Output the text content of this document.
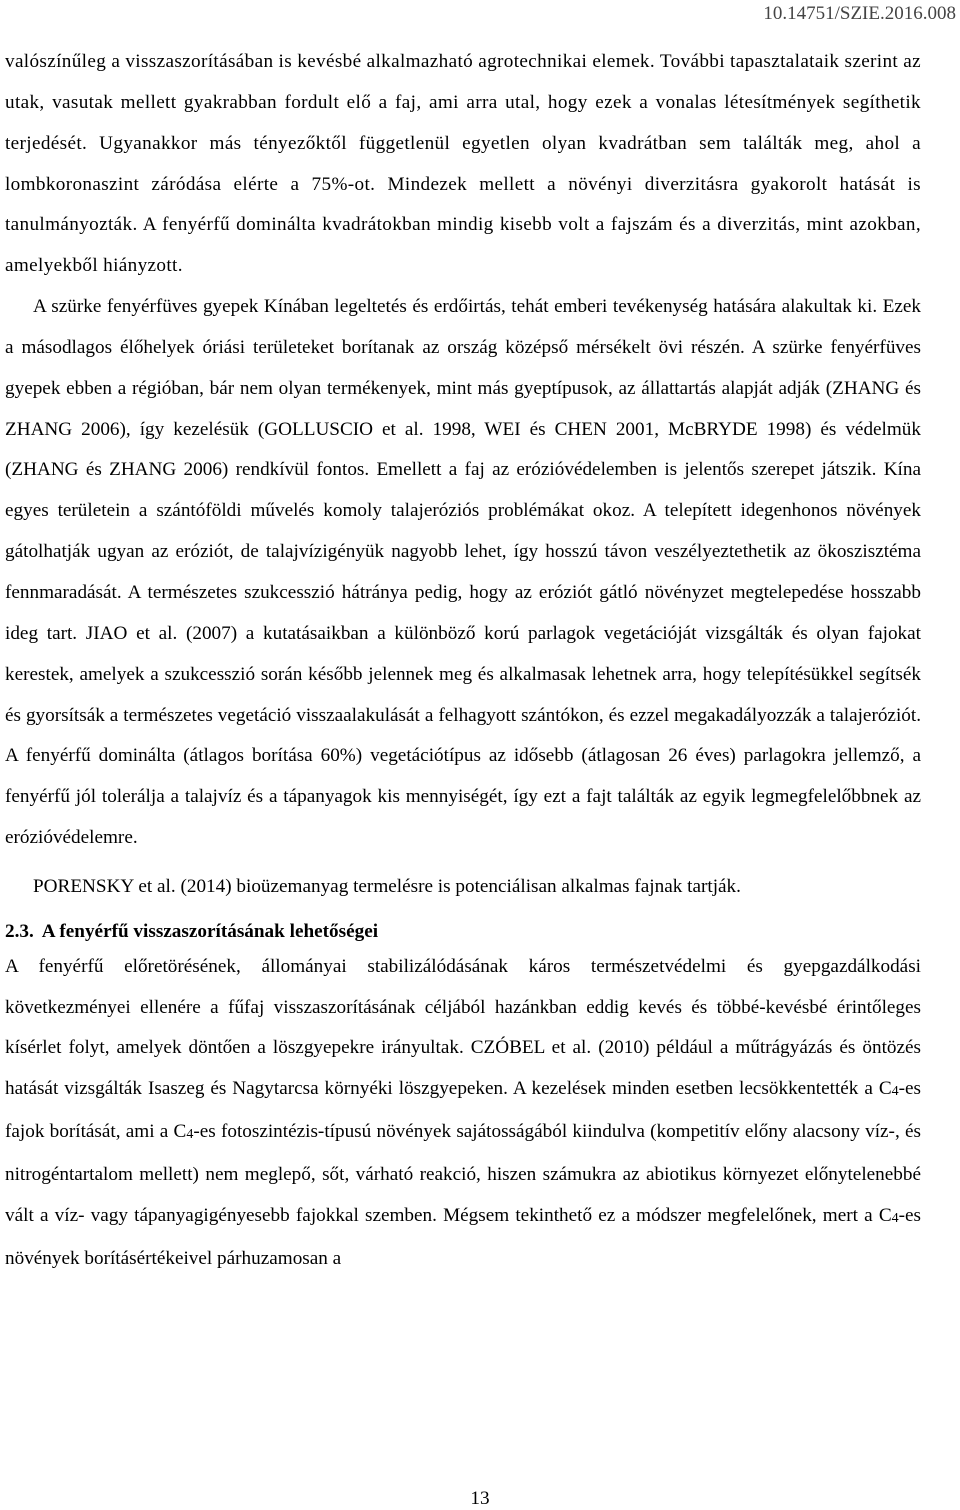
10.14751/SZIE.2016.008

valószínűleg a visszaszorításában is kevésbé alkalmazható agrotechnikai elemek. További tapasztalataik szerint az utak, vasutak mellett gyakrabban fordult elő a faj, ami arra utal, hogy ezek a vonalas létesítmények segíthetik terjedését. Ugyanakkor más tényezőktől függetlenül egyetlen olyan kvadrátban sem találták meg, ahol a lombkoronaszint záródása elérte a 75%-ot. Mindezek mellett a növényi diverzitásra gyakorolt hatását is tanulmányozták. A fenyérfű dominálta kvadrátokban mindig kisebb volt a fajszám és a diverzitás, mint azokban, amelyekből hiányzott.

A szürke fenyérfüves gyepek Kínában legeltetés és erdőirtás, tehát emberi tevékenység hatására alakultak ki. Ezek a másodlagos élőhelyek óriási területeket borítanak az ország középső mérsékelt övi részén. A szürke fenyérfüves gyepek ebben a régióban, bár nem olyan termékenyek, mint más gyeptípusok, az állattartás alapját adják (ZHANG és ZHANG 2006), így kezelésük (GOLLUSCIO et al. 1998, WEI és CHEN 2001, McBRYDE 1998) és védelmük (ZHANG és ZHANG 2006) rendkívül fontos. Emellett a faj az erózióvédelemben is jelentős szerepet játszik. Kína egyes területein a szántóföldi művelés komoly talajeróziós problémákat okoz. A telepített idegenhonos növények gátolhatják ugyan az eróziót, de talajvízigényük nagyobb lehet, így hosszú távon veszélyeztethetik az ökoszisztéma fennmaradását. A természetes szukcesszió hátránya pedig, hogy az eróziót gátló növényzet megtelepedése hosszabb ideg tart. JIAO et al. (2007) a kutatásaikban a különböző korú parlagok vegetációját vizsgálták és olyan fajokat kerestek, amelyek a szukcesszió során később jelennek meg és alkalmasak lehetnek arra, hogy telepítésükkel segítsék és gyorsítsák a természetes vegetáció visszaalakulását a felhagyott szántókon, és ezzel megakadályozzák a talajeróziót. A fenyérfű dominálta (átlagos borítása 60%) vegetációtípus az idősebb (átlagosan 26 éves) parlagokra jellemző, a fenyérfű jól tolerálja a talajvíz és a tápanyagok kis mennyiségét, így ezt a fajt találták az egyik legmegfelelőbbnek az erózióvédelemre.

PORENSKY et al. (2014) bioüzemanyag termelésre is potenciálisan alkalmas fajnak tartják.

2.3. A fenyérfű visszaszorításának lehetőségei

A fenyérfű előretörésének, állományai stabilizálódásának káros természetvédelmi és gyepgazdálkodási következményei ellenére a fűfaj visszaszorításának céljából hazánkban eddig kevés és többé-kevésbé érintőleges kísérlet folyt, amelyek döntően a löszgyepekre irányultak. CZÓBEL et al. (2010) például a műtrágyázás és öntözés hatását vizsgálták Isaszeg és Nagytarcsa környéki löszgyepeken. A kezelések minden esetben lecsökkentették a $C_4-es$ fajok borítását, ami a $C_4-es$ fotoszintézis-típusú növények sajátosságából kiindulva (kompetitív előny alacsony víz-, és nitrogéntartalom mellett) nem meglepő, sőt, várható reakció, hiszen számukra az abiotikus környezet előnytelenebbé vált a víz- vagy tápanyagigényesebb fajokkal szemben. Mégsem tekinthető ez a módszer megfelelőnek, mert a $C_4-es$ növények borításértékeivel párhuzamosan a

13
